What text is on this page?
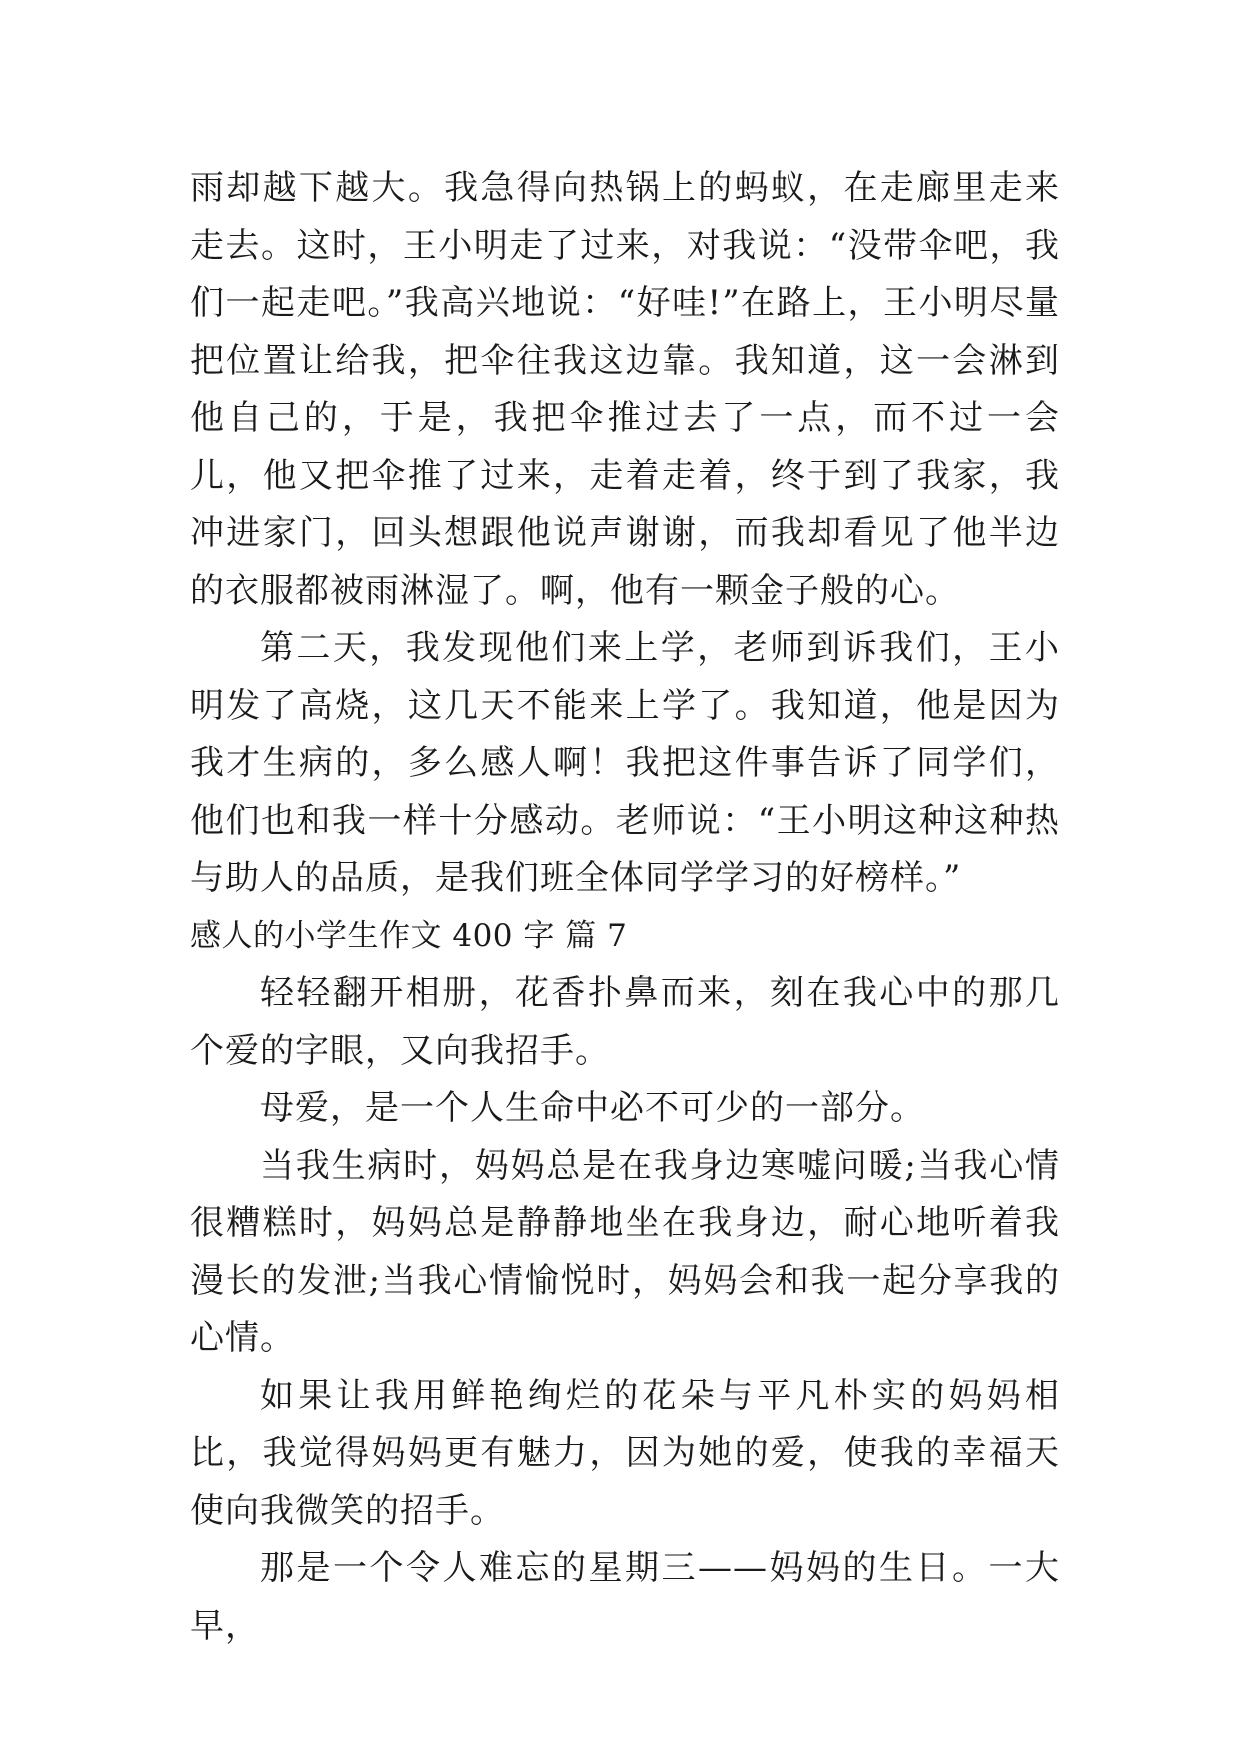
雨却越下越大。我急得向热锅上的蚂蚁，在走廊里走来走去。这时，王小明走了过来，对我说：“没带伞吧，我们一起走吧。”我高兴地说：“好哇!”在路上，王小明尽量把位置让给我，把伞往我这边靠。我知道，这一会淋到他自己的，于是，我把伞推过去了一点，而不过一会儿，他又把伞推了过来，走着走着，终于到了我家，我冲进家门，回头想跟他说声谢谢，而我却看见了他半边的衣服都被雨淋湿了。啊，他有一颗金子般的心。

第二天，我发现他们来上学，老师到诉我们，王小明发了高烧，这几天不能来上学了。我知道，他是因为我才生病的，多么感人啊！我把这件事告诉了同学们，他们也和我一样十分感动。老师说：“王小明这种这种热与助人的品质，是我们班全体同学学习的好榜样。”

感人的小学生作文 400 字 篇 7

轻轻翻开相册，花香扑鼻而来，刻在我心中的那几个爱的字眼，又向我招手。

母爱，是一个人生命中必不可少的一部分。

当我生病时，妈妈总是在我身边寒嘘问暖;当我心情很糟糕时，妈妈总是静静地坐在我身边，耐心地听着我漫长的发泄;当我心情愉悦时，妈妈会和我一起分享我的心情。

如果让我用鲜艳绚烂的花朵与平凡朴实的妈妈相比，我觉得妈妈更有魅力，因为她的爱，使我的幸福天使向我微笑的招手。

那是一个令人难忘的星期三——妈妈的生日。一大早，
